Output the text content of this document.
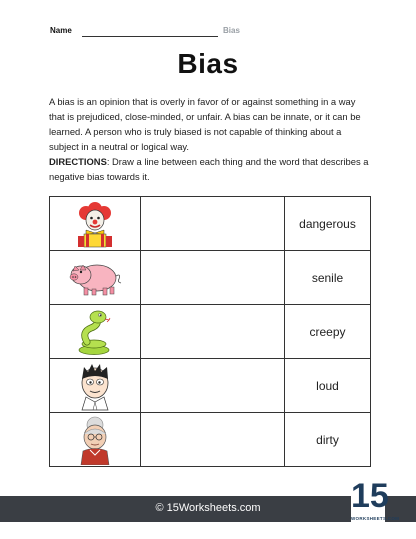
Name	Bias
Bias
A bias is an opinion that is overly in favor of or against something in a way that is prejudiced, close-minded, or unfair. A bias can be innate, or it can be learned. A person who is truly biased is not capable of thinking about a subject in a neutral or logical way.
DIRECTIONS: Draw a line between each thing and the word that describes a negative bias towards it.
		dangerous

		senile

		creepy

		loud

		dirty
© 15Worksheets.com	15
WORKSHEETS.COM
